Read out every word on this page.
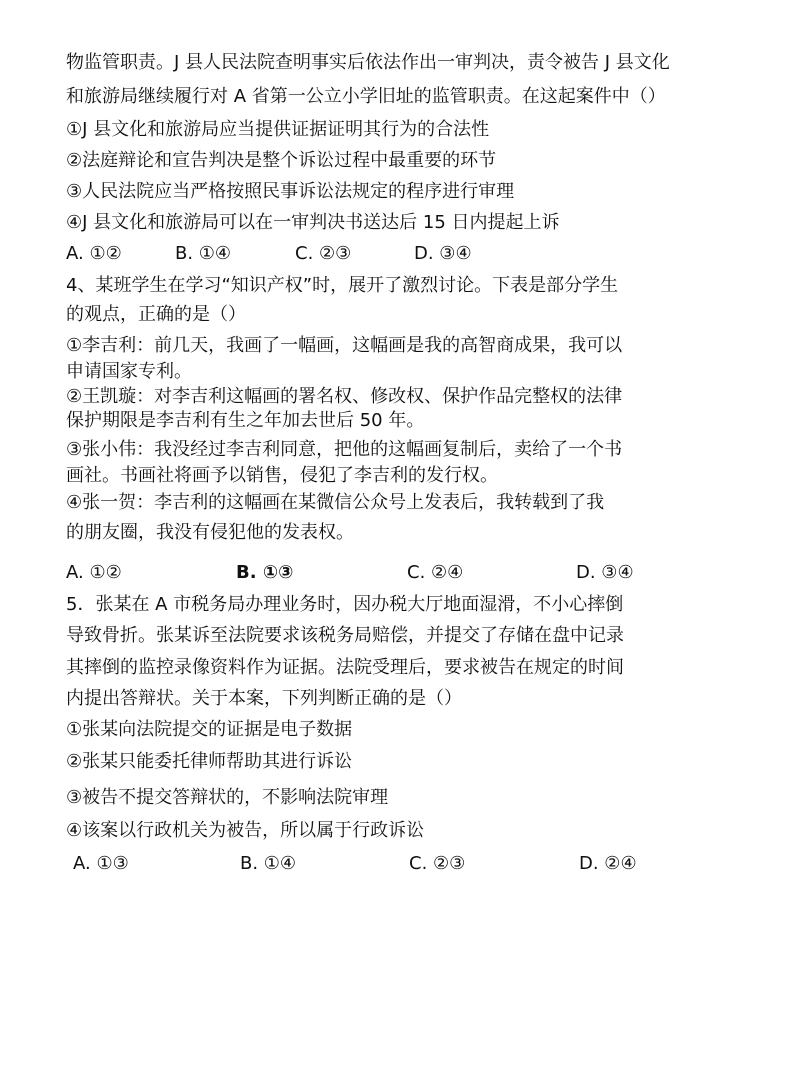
物监管职责。J 县人民法院查明事实后依法作出一审判决，责令被告 J 县文化
和旅游局继续履行对 A 省第一公立小学旧址的监管职责。在这起案件中（）
①J 县文化和旅游局应当提供证据证明其行为的合法性
②法庭辩论和宣告判决是整个诉讼过程中最重要的环节
③人民法院应当严格按照民事诉讼法规定的程序进行审理
④J 县文化和旅游局可以在一审判决书送达后 15 日内提起上诉
A. ①②	B. ①④	C. ②③	D. ③④
4、某班学生在学习“知识产权”时，展开了激烈讨论。下表是部分学生
的观点，正确的是（）
①李吉利：前几天，我画了一幅画，这幅画是我的高智商成果，我可以
申请国家专利。
②王凯璇：对李吉利这幅画的署名权、修改权、保护作品完整权的法律
保护期限是李吉利有生之年加去世后 50 年。
③张小伟：我没经过李吉利同意，把他的这幅画复制后，卖给了一个书
画社。书画社将画予以销售，侵犯了李吉利的发行权。
④张一贺：李吉利的这幅画在某微信公众号上发表后，我转载到了我
的朋友圈，我没有侵犯他的发表权。
A. ①②	B. ①③	C. ②④	D. ③④
5．张某在 A 市税务局办理业务时，因办税大厅地面湿滑，不小心摔倒
导致骨折。张某诉至法院要求该税务局赔偿，并提交了存储在盘中记录
其摔倒的监控录像资料作为证据。法院受理后，要求被告在规定的时间
内提出答辩状。关于本案，下列判断正确的是（）
①张某向法院提交的证据是电子数据
②张某只能委托律师帮助其进行诉讼
③被告不提交答辩状的，不影响法院审理
④该案以行政机关为被告，所以属于行政诉讼
A. ①③	B. ①④	C. ②③	D. ②④
